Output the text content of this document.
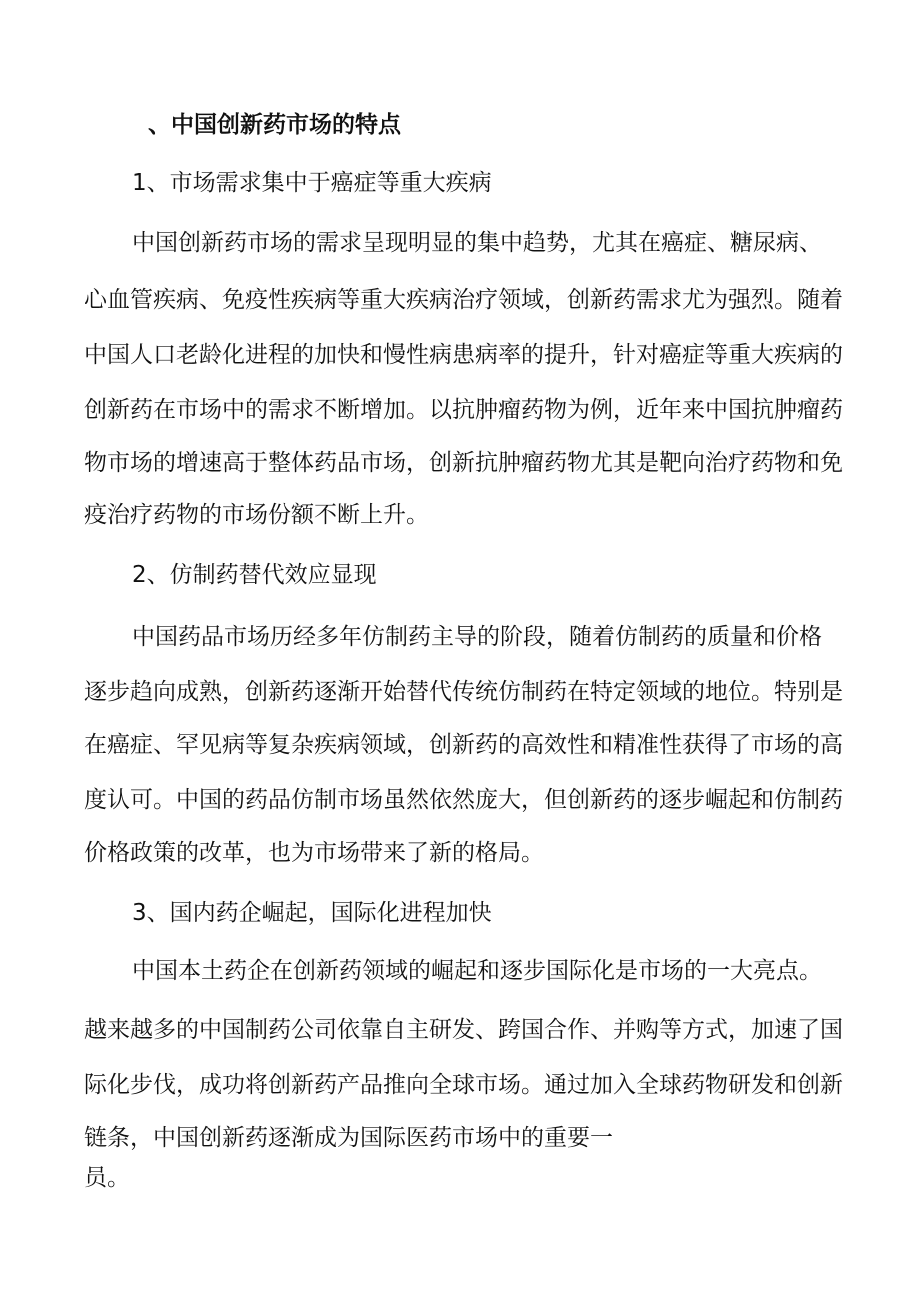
、中国创新药市场的特点
1、市场需求集中于癌症等重大疾病
中国创新药市场的需求呈现明显的集中趋势，尤其在癌症、糖尿病、
心血管疾病、免疫性疾病等重大疾病治疗领域，创新药需求尤为强烈。随着
中国人口老龄化进程的加快和慢性病患病率的提升，针对癌症等重大疾病的
创新药在市场中的需求不断增加。以抗肿瘤药物为例，近年来中国抗肿瘤药
物市场的增速高于整体药品市场，创新抗肿瘤药物尤其是靶向治疗药物和免
疫治疗药物的市场份额不断上升。
2、仿制药替代效应显现
中国药品市场历经多年仿制药主导的阶段，随着仿制药的质量和价格
逐步趋向成熟，创新药逐渐开始替代传统仿制药在特定领域的地位。特别是
在癌症、罕见病等复杂疾病领域，创新药的高效性和精准性获得了市场的高
度认可。中国的药品仿制市场虽然依然庞大，但创新药的逐步崛起和仿制药
价格政策的改革，也为市场带来了新的格局。
3、国内药企崛起，国际化进程加快
中国本土药企在创新药领域的崛起和逐步国际化是市场的一大亮点。
越来越多的中国制药公司依靠自主研发、跨国合作、并购等方式，加速了国
际化步伐，成功将创新药产品推向全球市场。通过加入全球药物研发和创新
链条，中国创新药逐渐成为国际医药市场中的重要一
员。
